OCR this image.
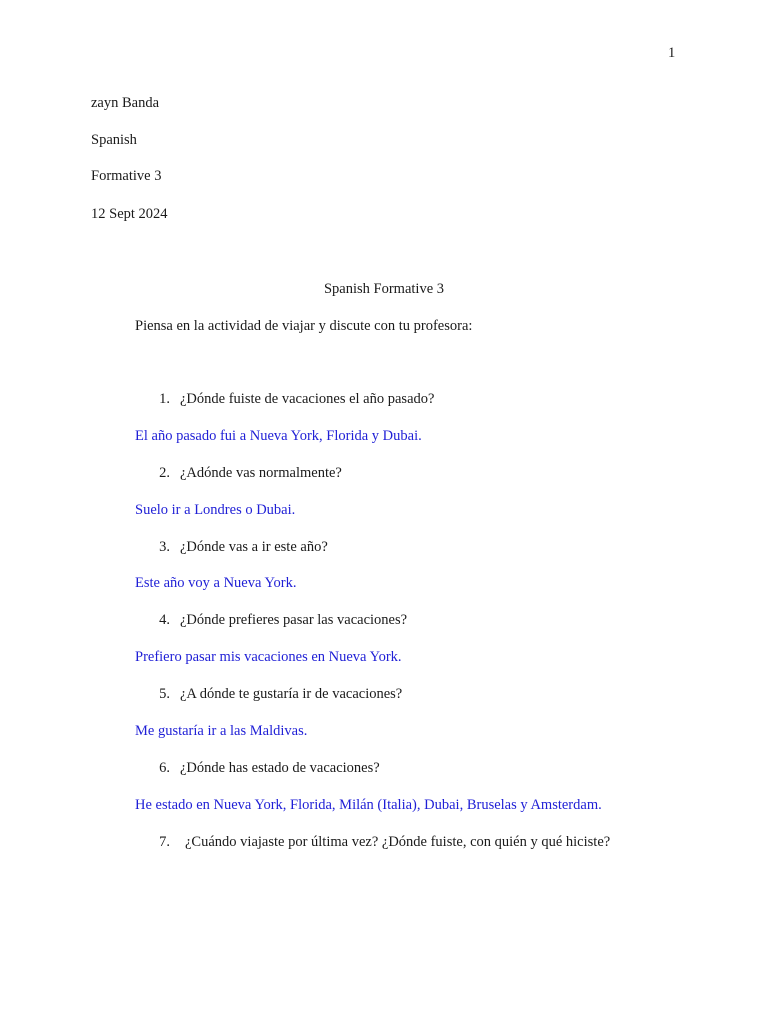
1
zayn Banda
Spanish
Formative 3
12 Sept 2024
Spanish Formative 3
Piensa en la actividad de viajar y discute con tu profesora:
1. ¿Dónde fuiste de vacaciones el año pasado?
El año pasado fui a Nueva York, Florida y Dubai.
2. ¿Adónde vas normalmente?
Suelo ir a Londres o Dubai.
3. ¿Dónde vas a ir este año?
Este año voy a Nueva York.
4. ¿Dónde prefieres pasar las vacaciones?
Prefiero pasar mis vacaciones en Nueva York.
5. ¿A dónde te gustaría ir de vacaciones?
Me gustaría ir a las Maldivas.
6. ¿Dónde has estado de vacaciones?
He estado en Nueva York, Florida, Milán (Italia), Dubai, Bruselas y Amsterdam.
7. ¿Cuándo viajaste por última vez? ¿Dónde fuiste, con quién y qué hiciste?
